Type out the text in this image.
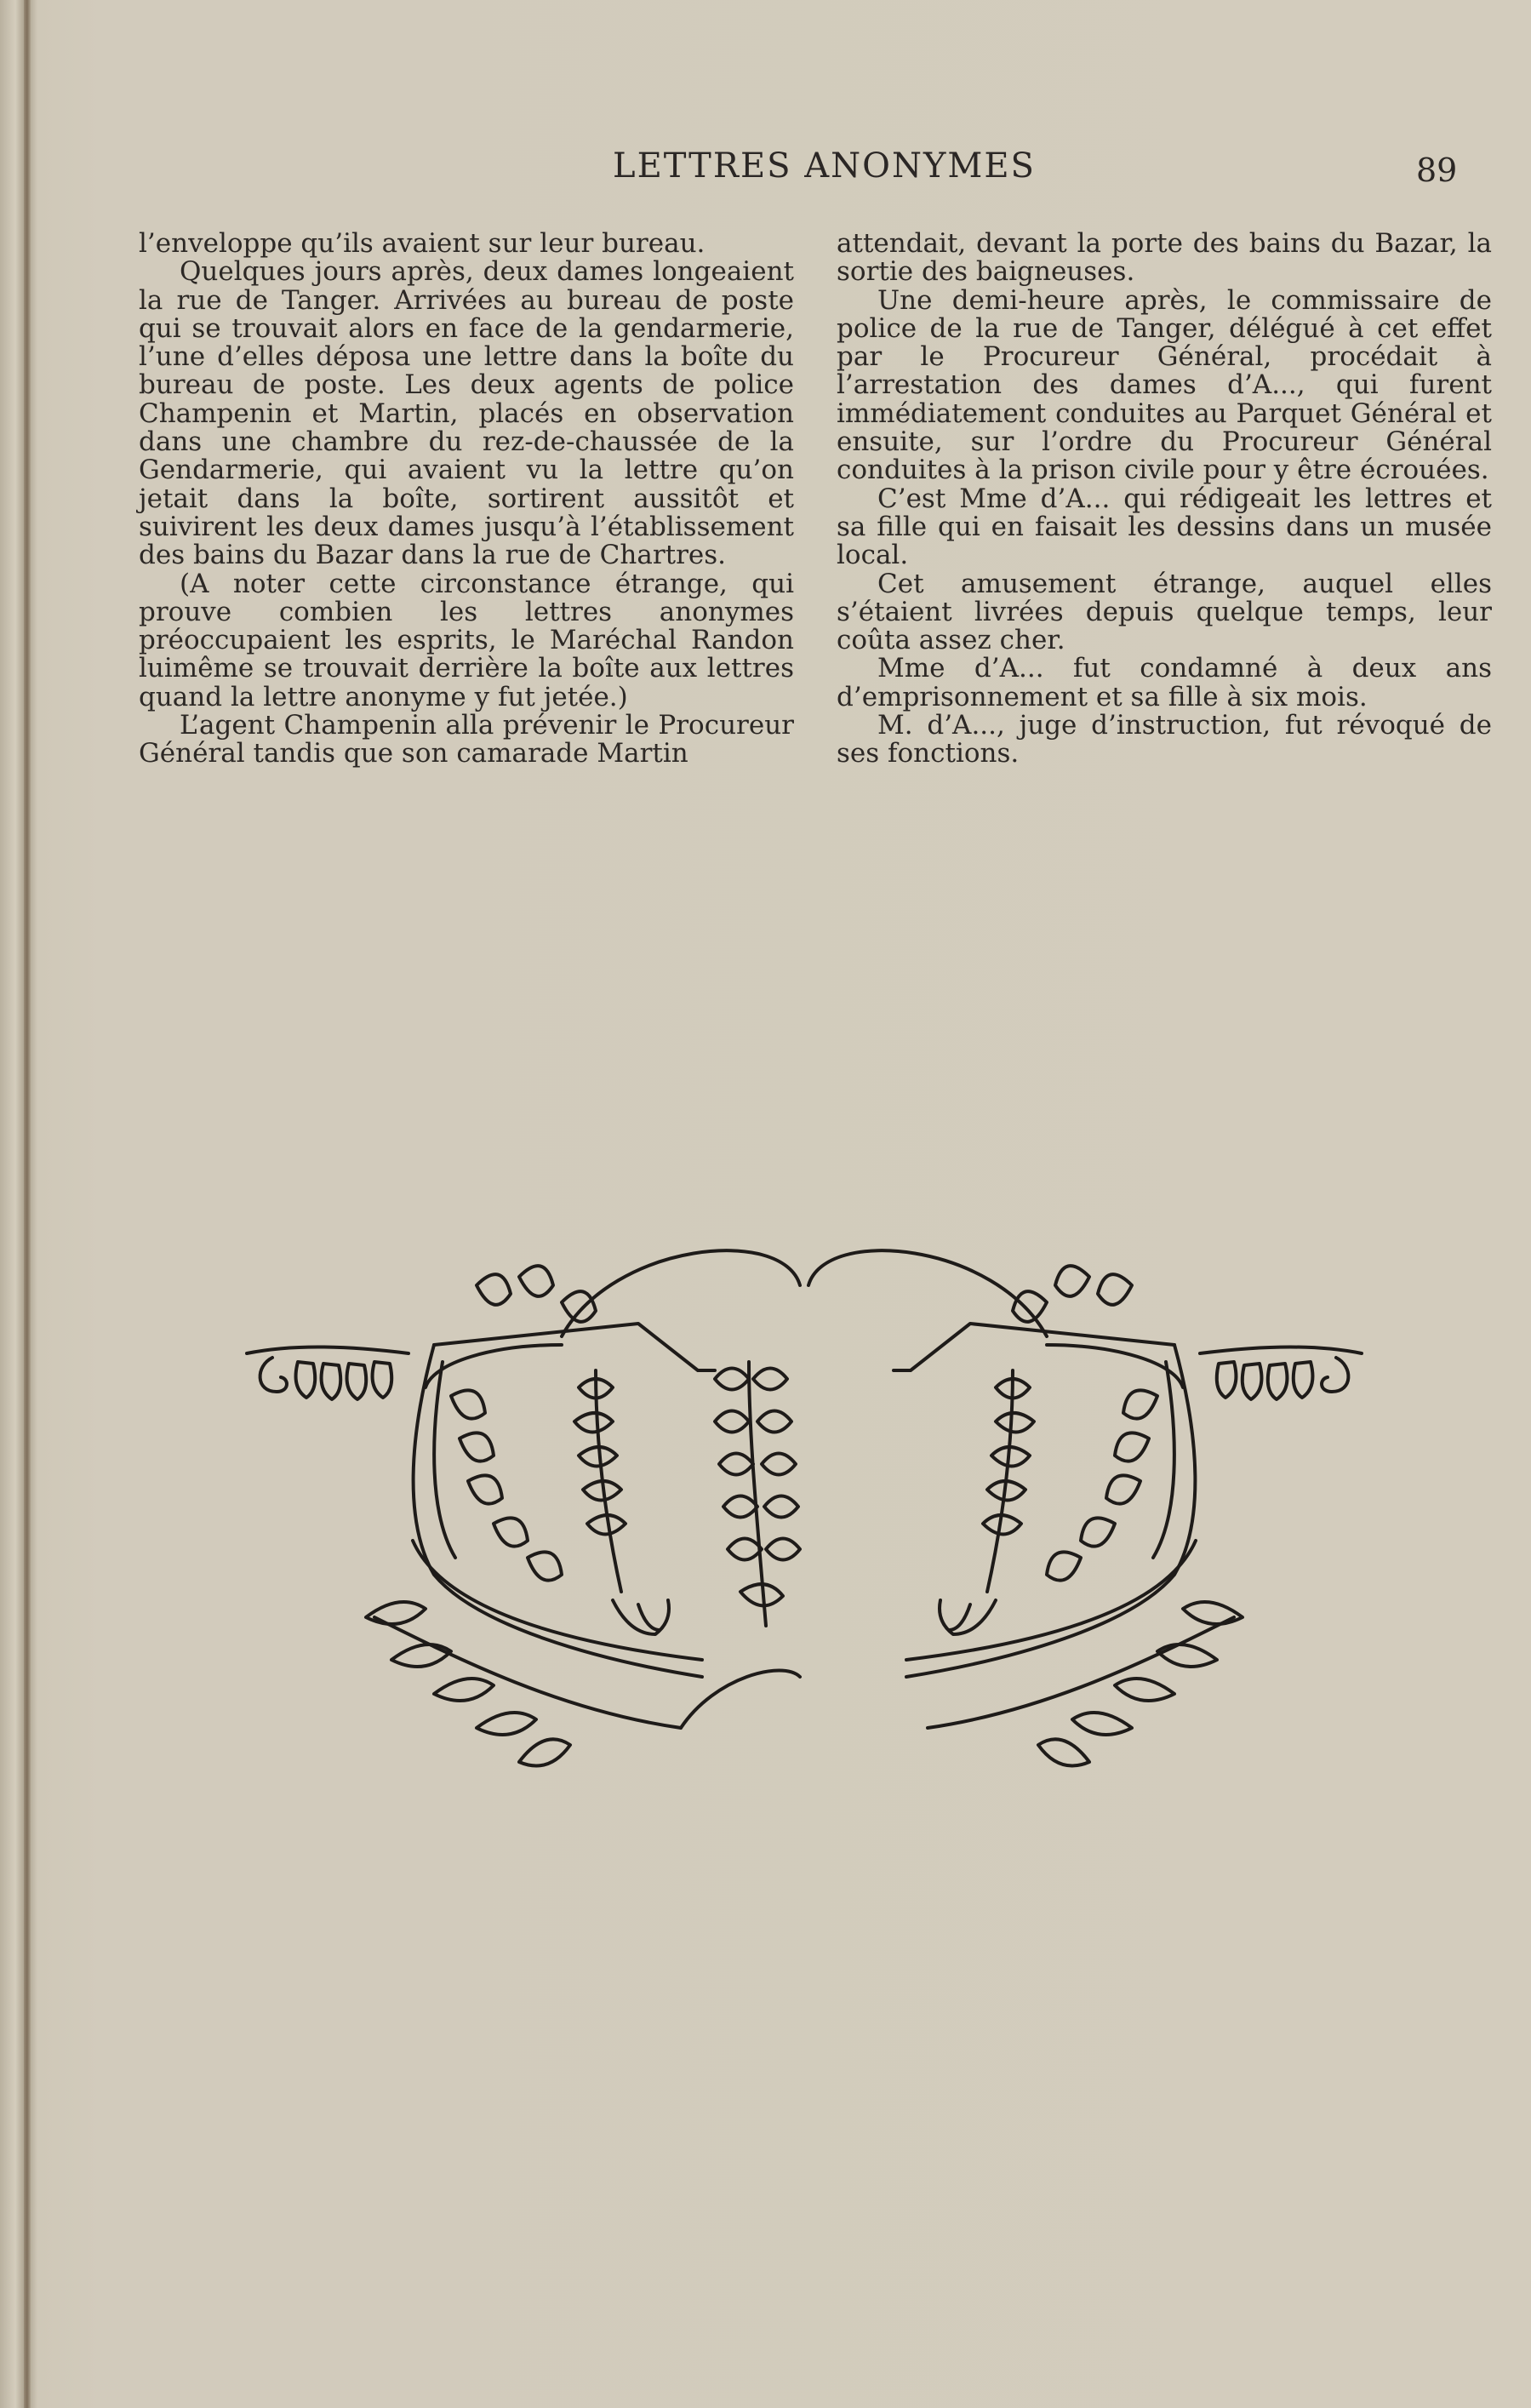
LETTRES ANONYMES	89

l’enveloppe qu’ils avaient sur leur bureau.

Quelques jours après, deux dames longeaient la rue de Tanger. Arrivées au bureau de poste qui se trouvait alors en face de la gendarmerie, l’une d’elles déposa une lettre dans la boîte du bureau de poste. Les deux agents de police Champenin et Martin, placés en observation dans une chambre du rez-de-chaussée de la Gendarmerie, qui avaient vu la lettre qu’on jetait dans la boîte, sortirent aussitôt et suivirent les deux dames jusqu’à l’établissement des bains du Bazar dans la rue de Chartres.

(A noter cette circonstance étrange, qui prouve combien les lettres anonymes préoccupaient les esprits, le Maréchal Randon luimême se trouvait derrière la boîte aux lettres quand la lettre anonyme y fut jetée.)

L’agent Champenin alla prévenir le Procureur Général tandis que son camarade Martin

attendait, devant la porte des bains du Bazar, la sortie des baigneuses.

Une demi-heure après, le commissaire de police de la rue de Tanger, délégué à cet effet par le Procureur Général, procédait à l’arrestation des dames d’A..., qui furent immédiatement conduites au Parquet Général et ensuite, sur l’ordre du Procureur Général conduites à la prison civile pour y être écrouées.

C’est Mme d’A... qui rédigeait les lettres et sa fille qui en faisait les dessins dans un musée local.

Cet amusement étrange, auquel elles s’étaient livrées depuis quelque temps, leur coûta assez cher.

Mme d’A... fut condamné à deux ans d’emprisonnement et sa fille à six mois.

M. d’A..., juge d’instruction, fut révoqué de ses fonctions.
